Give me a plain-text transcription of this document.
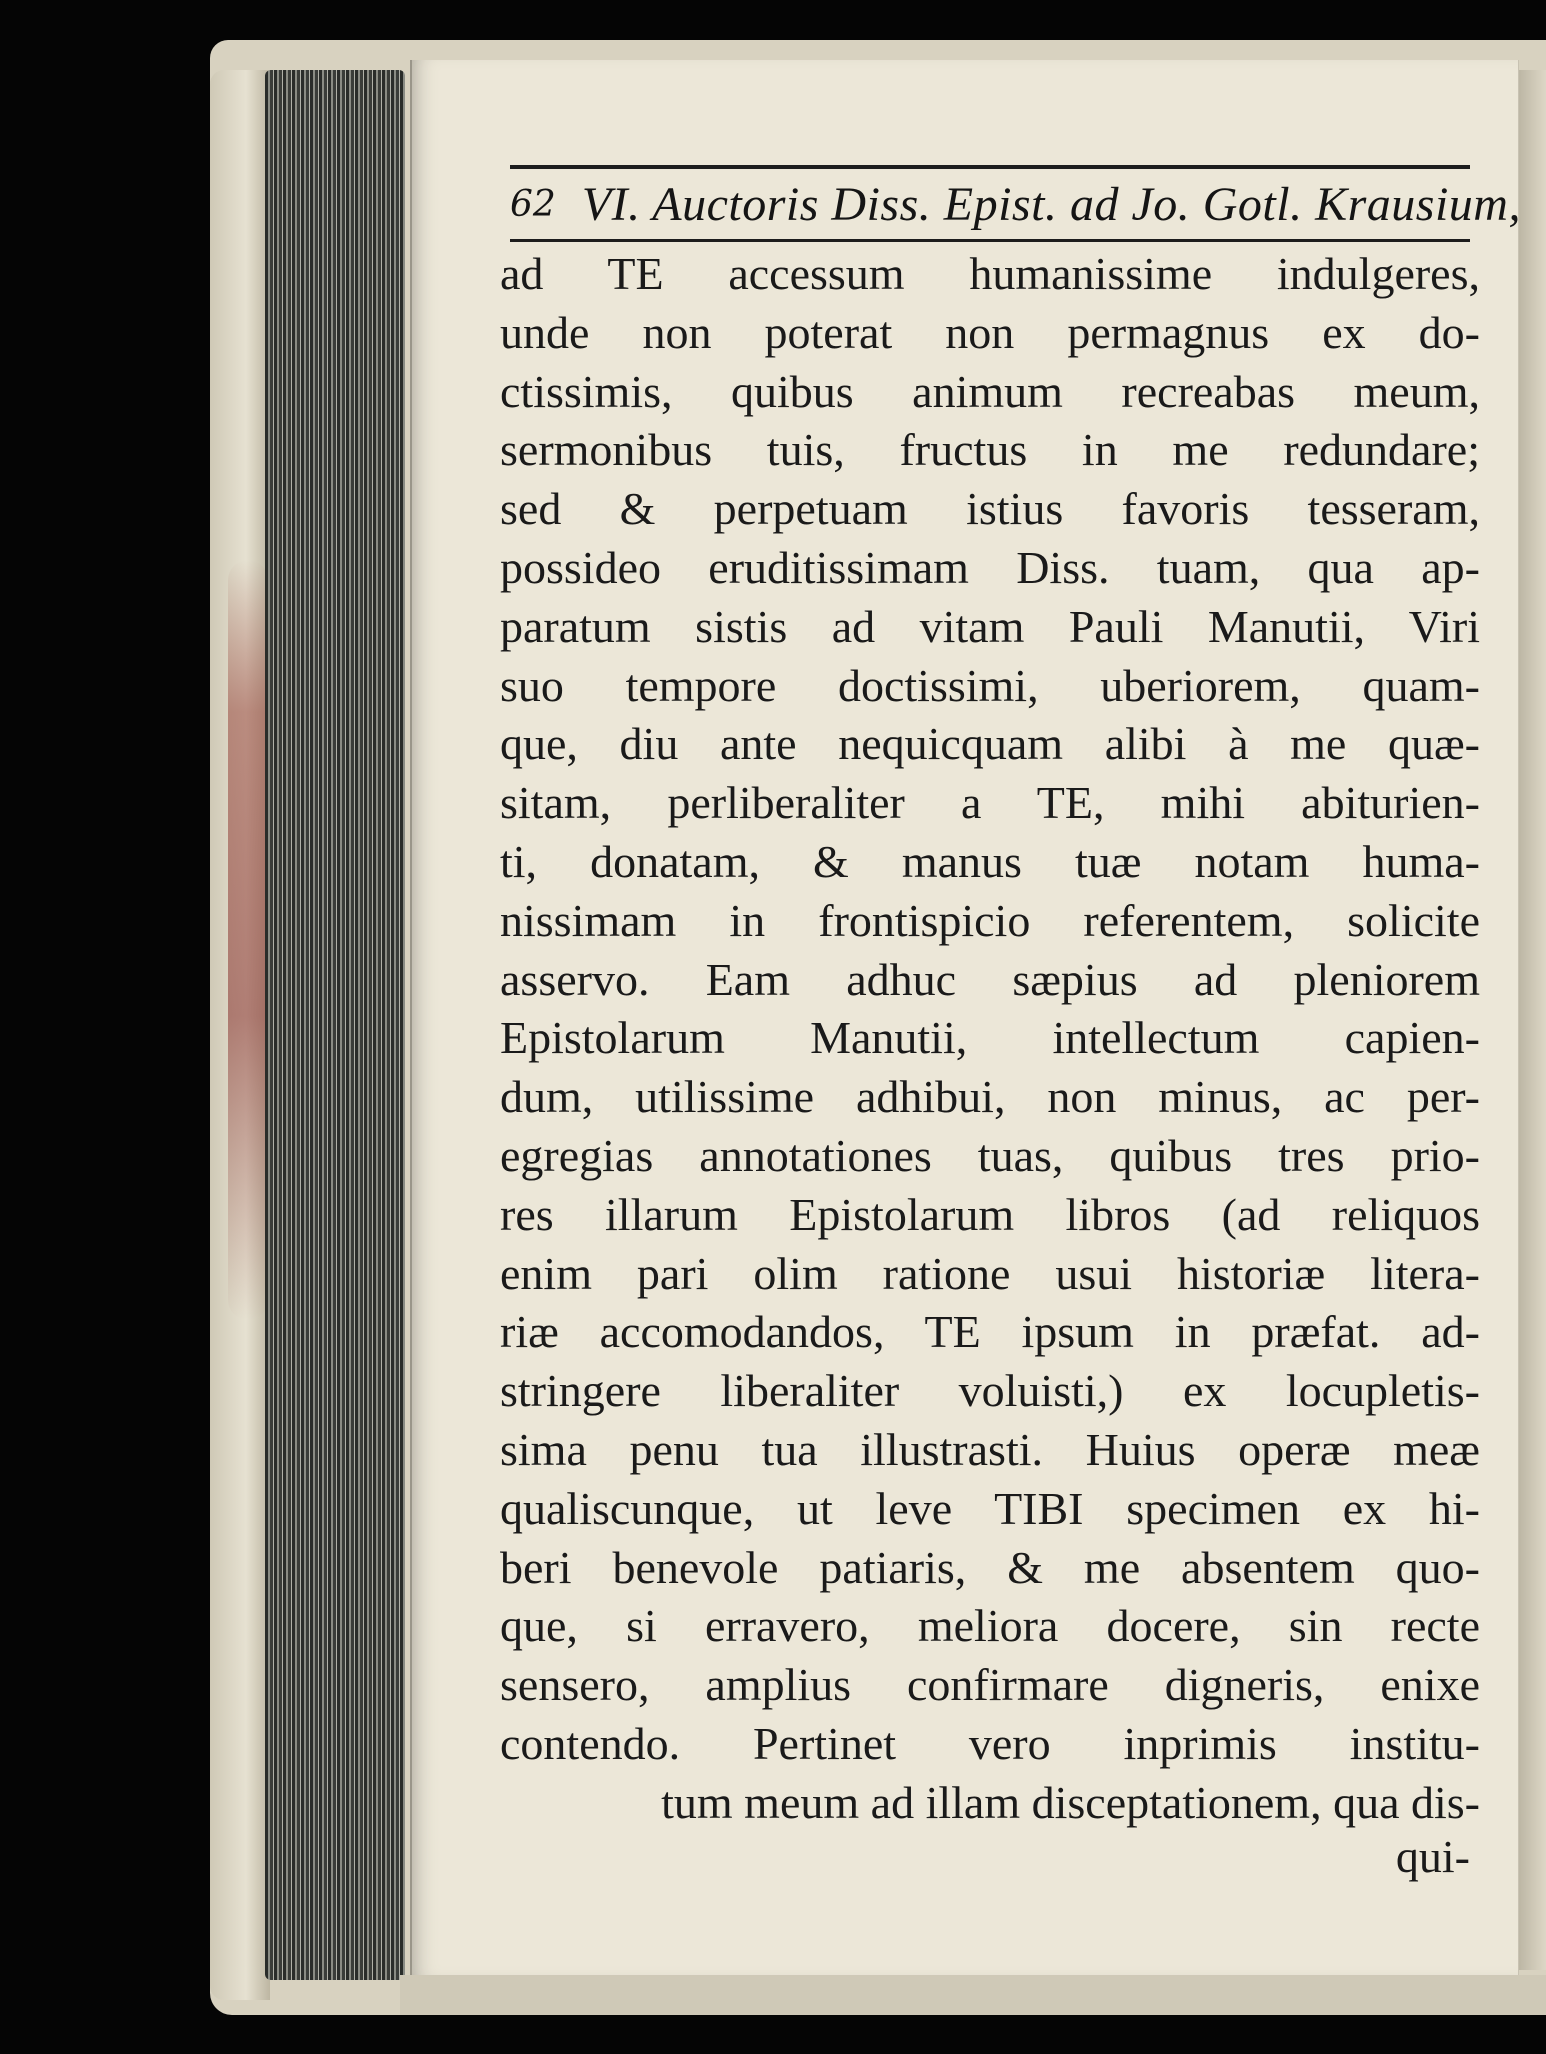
62 VI. Auctoris Diss. Epist. ad Jo. Gotl. Krausium,
ad TE accessum humanissime indulgeres,
unde non poterat non permagnus ex do-
ctissimis, quibus animum recreabas meum,
sermonibus tuis, fructus in me redundare;
sed & perpetuam istius favoris tesseram,
possideo eruditissimam Diss. tuam, qua ap-
paratum sistis ad vitam Pauli Manutii, Viri
suo tempore doctissimi, uberiorem, quam-
que, diu ante nequicquam alibi à me quæ-
sitam, perliberaliter a TE, mihi abiturien-
ti, donatam, & manus tuæ notam huma-
nissimam in frontispicio referentem, solicite
asservo. Eam adhuc sæpius ad pleniorem
Epistolarum Manutii, intellectum capien-
dum, utilissime adhibui, non minus, ac per-
egregias annotationes tuas, quibus tres prio-
res illarum Epistolarum libros (ad reliquos
enim pari olim ratione usui historiæ litera-
riæ accomodandos, TE ipsum in præfat. ad-
stringere liberaliter voluisti,) ex locupletis-
sima penu tua illustrasti. Huius operæ meæ
qualiscunque, ut leve TIBI specimen ex hi-
beri benevole patiaris, & me absentem quo-
que, si erravero, meliora docere, sin recte
sensero, amplius confirmare digneris, enixe
contendo. Pertinet vero inprimis institu-
tum meum ad illam disceptationem, qua dis-
qui-
